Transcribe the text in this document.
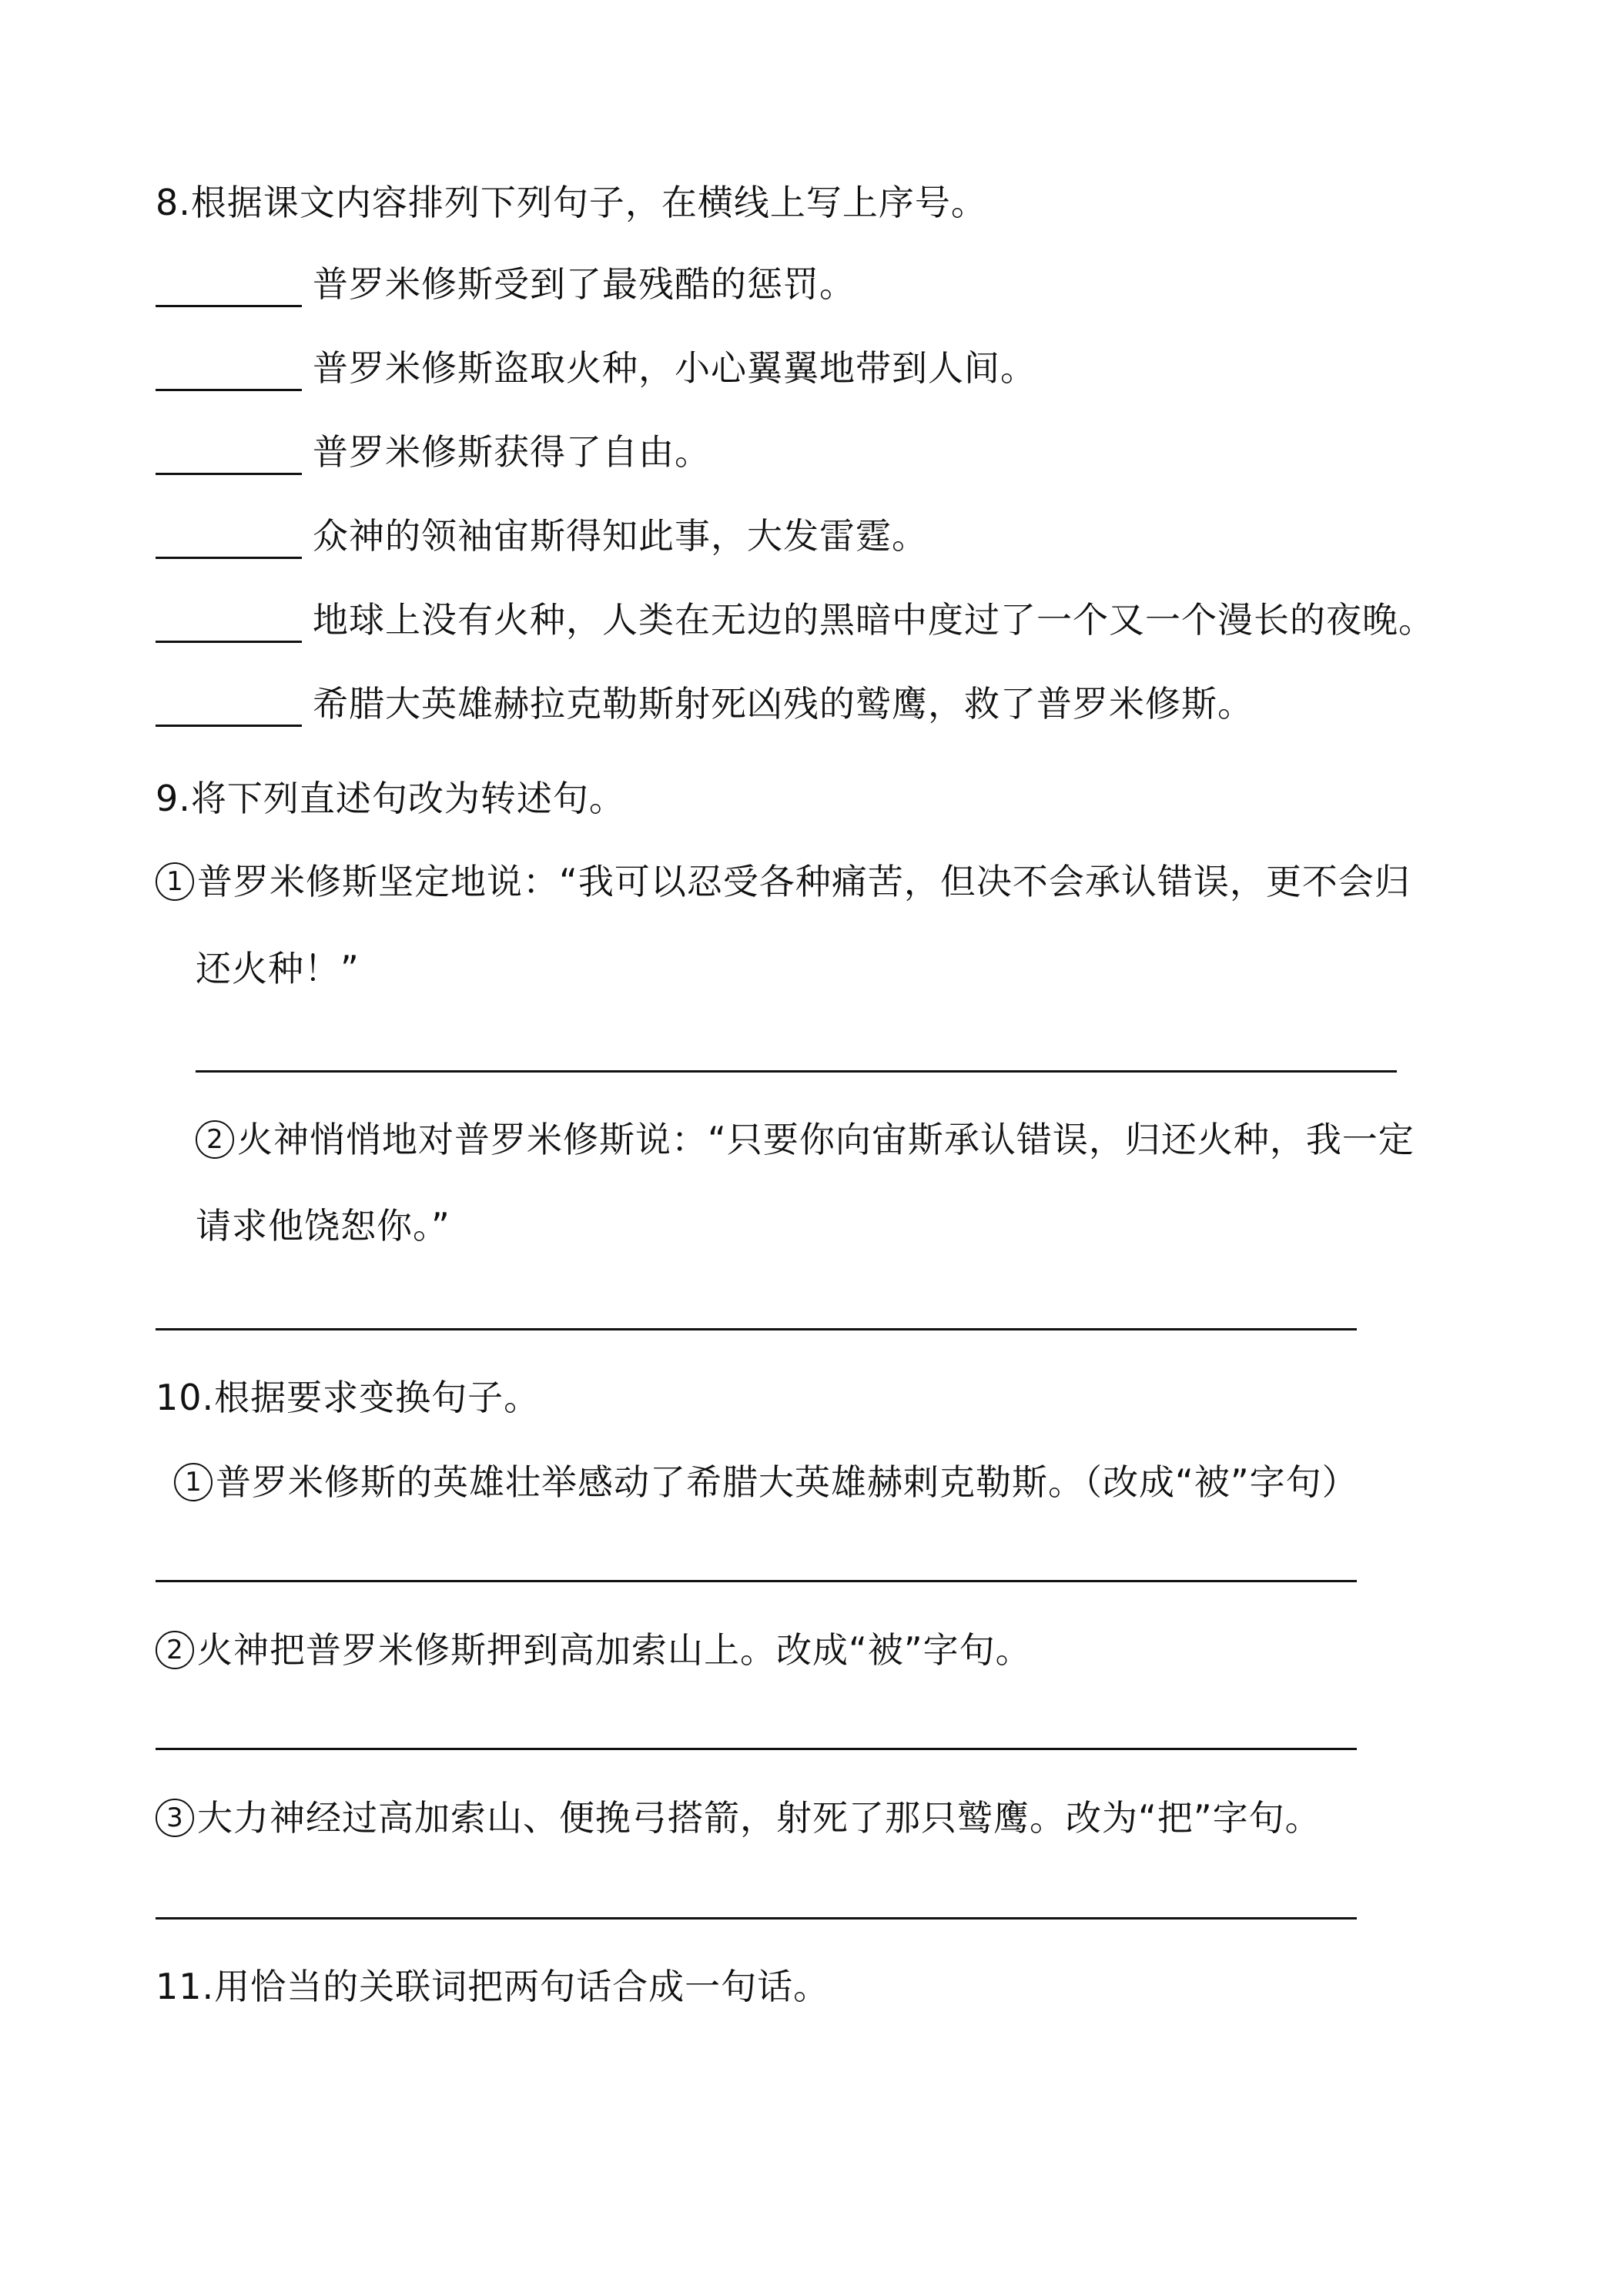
8.根据课文内容排列下列句子，在横线上写上序号。
普罗米修斯受到了最残酷的惩罚。
普罗米修斯盗取火种，小心翼翼地带到人间。
普罗米修斯获得了自由。
众神的领袖宙斯得知此事，大发雷霆。
地球上没有火种，人类在无边的黑暗中度过了一个又一个漫长的夜晚。
希腊大英雄赫拉克勒斯射死凶残的鹫鹰，救了普罗米修斯。
9.将下列直述句改为转述句。
1 普罗米修斯坚定地说：“我可以忍受各种痛苦，但决不会承认错误，更不会归
还火种！”
2 火神悄悄地对普罗米修斯说：“只要你向宙斯承认错误，归还火种，我一定
请求他饶恕你。”
10.根据要求变换句子。
1 普罗米修斯的英雄壮举感动了希腊大英雄赫剌克勒斯。（改成“被”字句）
2 火神把普罗米修斯押到高加索山上。改成“被”字句。
3 大力神经过高加索山、便挽弓搭箭，射死了那只鹫鹰。改为“把”字句。
11.用恰当的关联词把两句话合成一句话。
